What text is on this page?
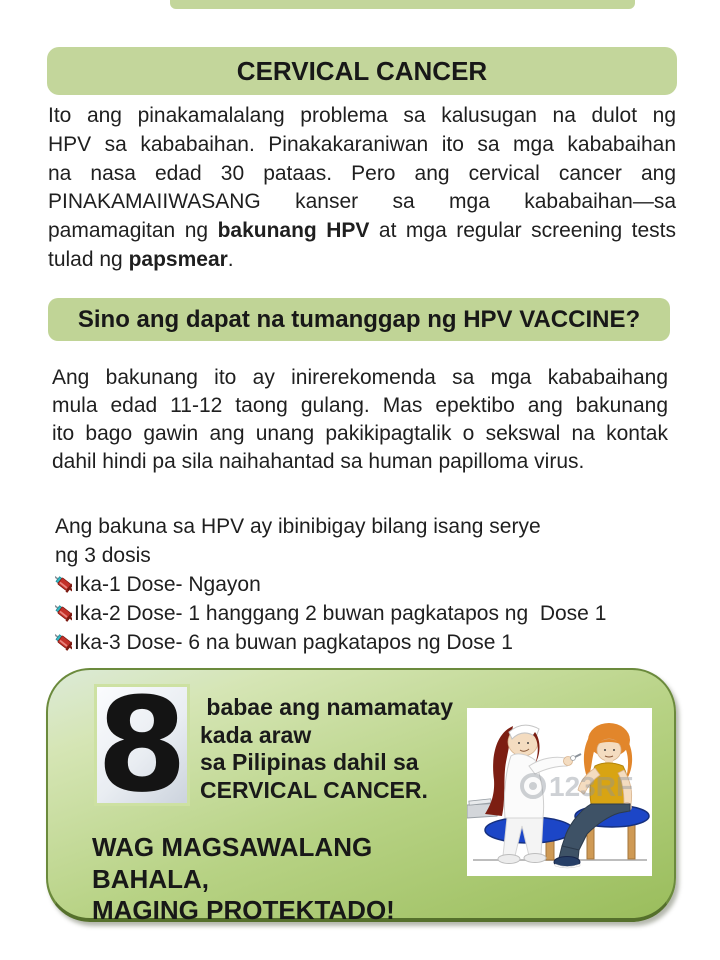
CERVICAL CANCER
Ito ang pinakamalalang problema sa kalusugan na dulot ng
HPV sa kababaihan. Pinakakaraniwan ito sa mga kababaihan
na nasa edad 30 pataas. Pero ang cervical cancer ang
PINAKAMAIIWASANG kanser sa mga kababaihan—sa
pamamagitan ng bakunang HPV at mga regular screening tests
tulad ng papsmear.
Sino ang dapat na tumanggap ng HPV VACCINE?
Ang bakunang ito ay inirerekomenda sa mga kababaihang
mula edad 11-12 taong gulang. Mas epektibo ang bakunang
ito bago gawin ang unang pakikipagtalik o sekswal na kontak
dahil hindi pa sila naihahantad sa human papilloma virus.
Ang bakuna sa HPV ay ibinibigay bilang isang serye
ng 3 dosis
Ika-1 Dose- Ngayon
Ika-2 Dose- 1 hanggang 2 buwan pagkatapos ng  Dose 1
Ika-3 Dose- 6 na buwan pagkatapos ng Dose 1
8 babae ang namamatay
kada araw
sa Pilipinas dahil sa
CERVICAL CANCER.
WAG MAGSAWALANG BAHALA,
MAGING PROTEKTADO!
123RF
